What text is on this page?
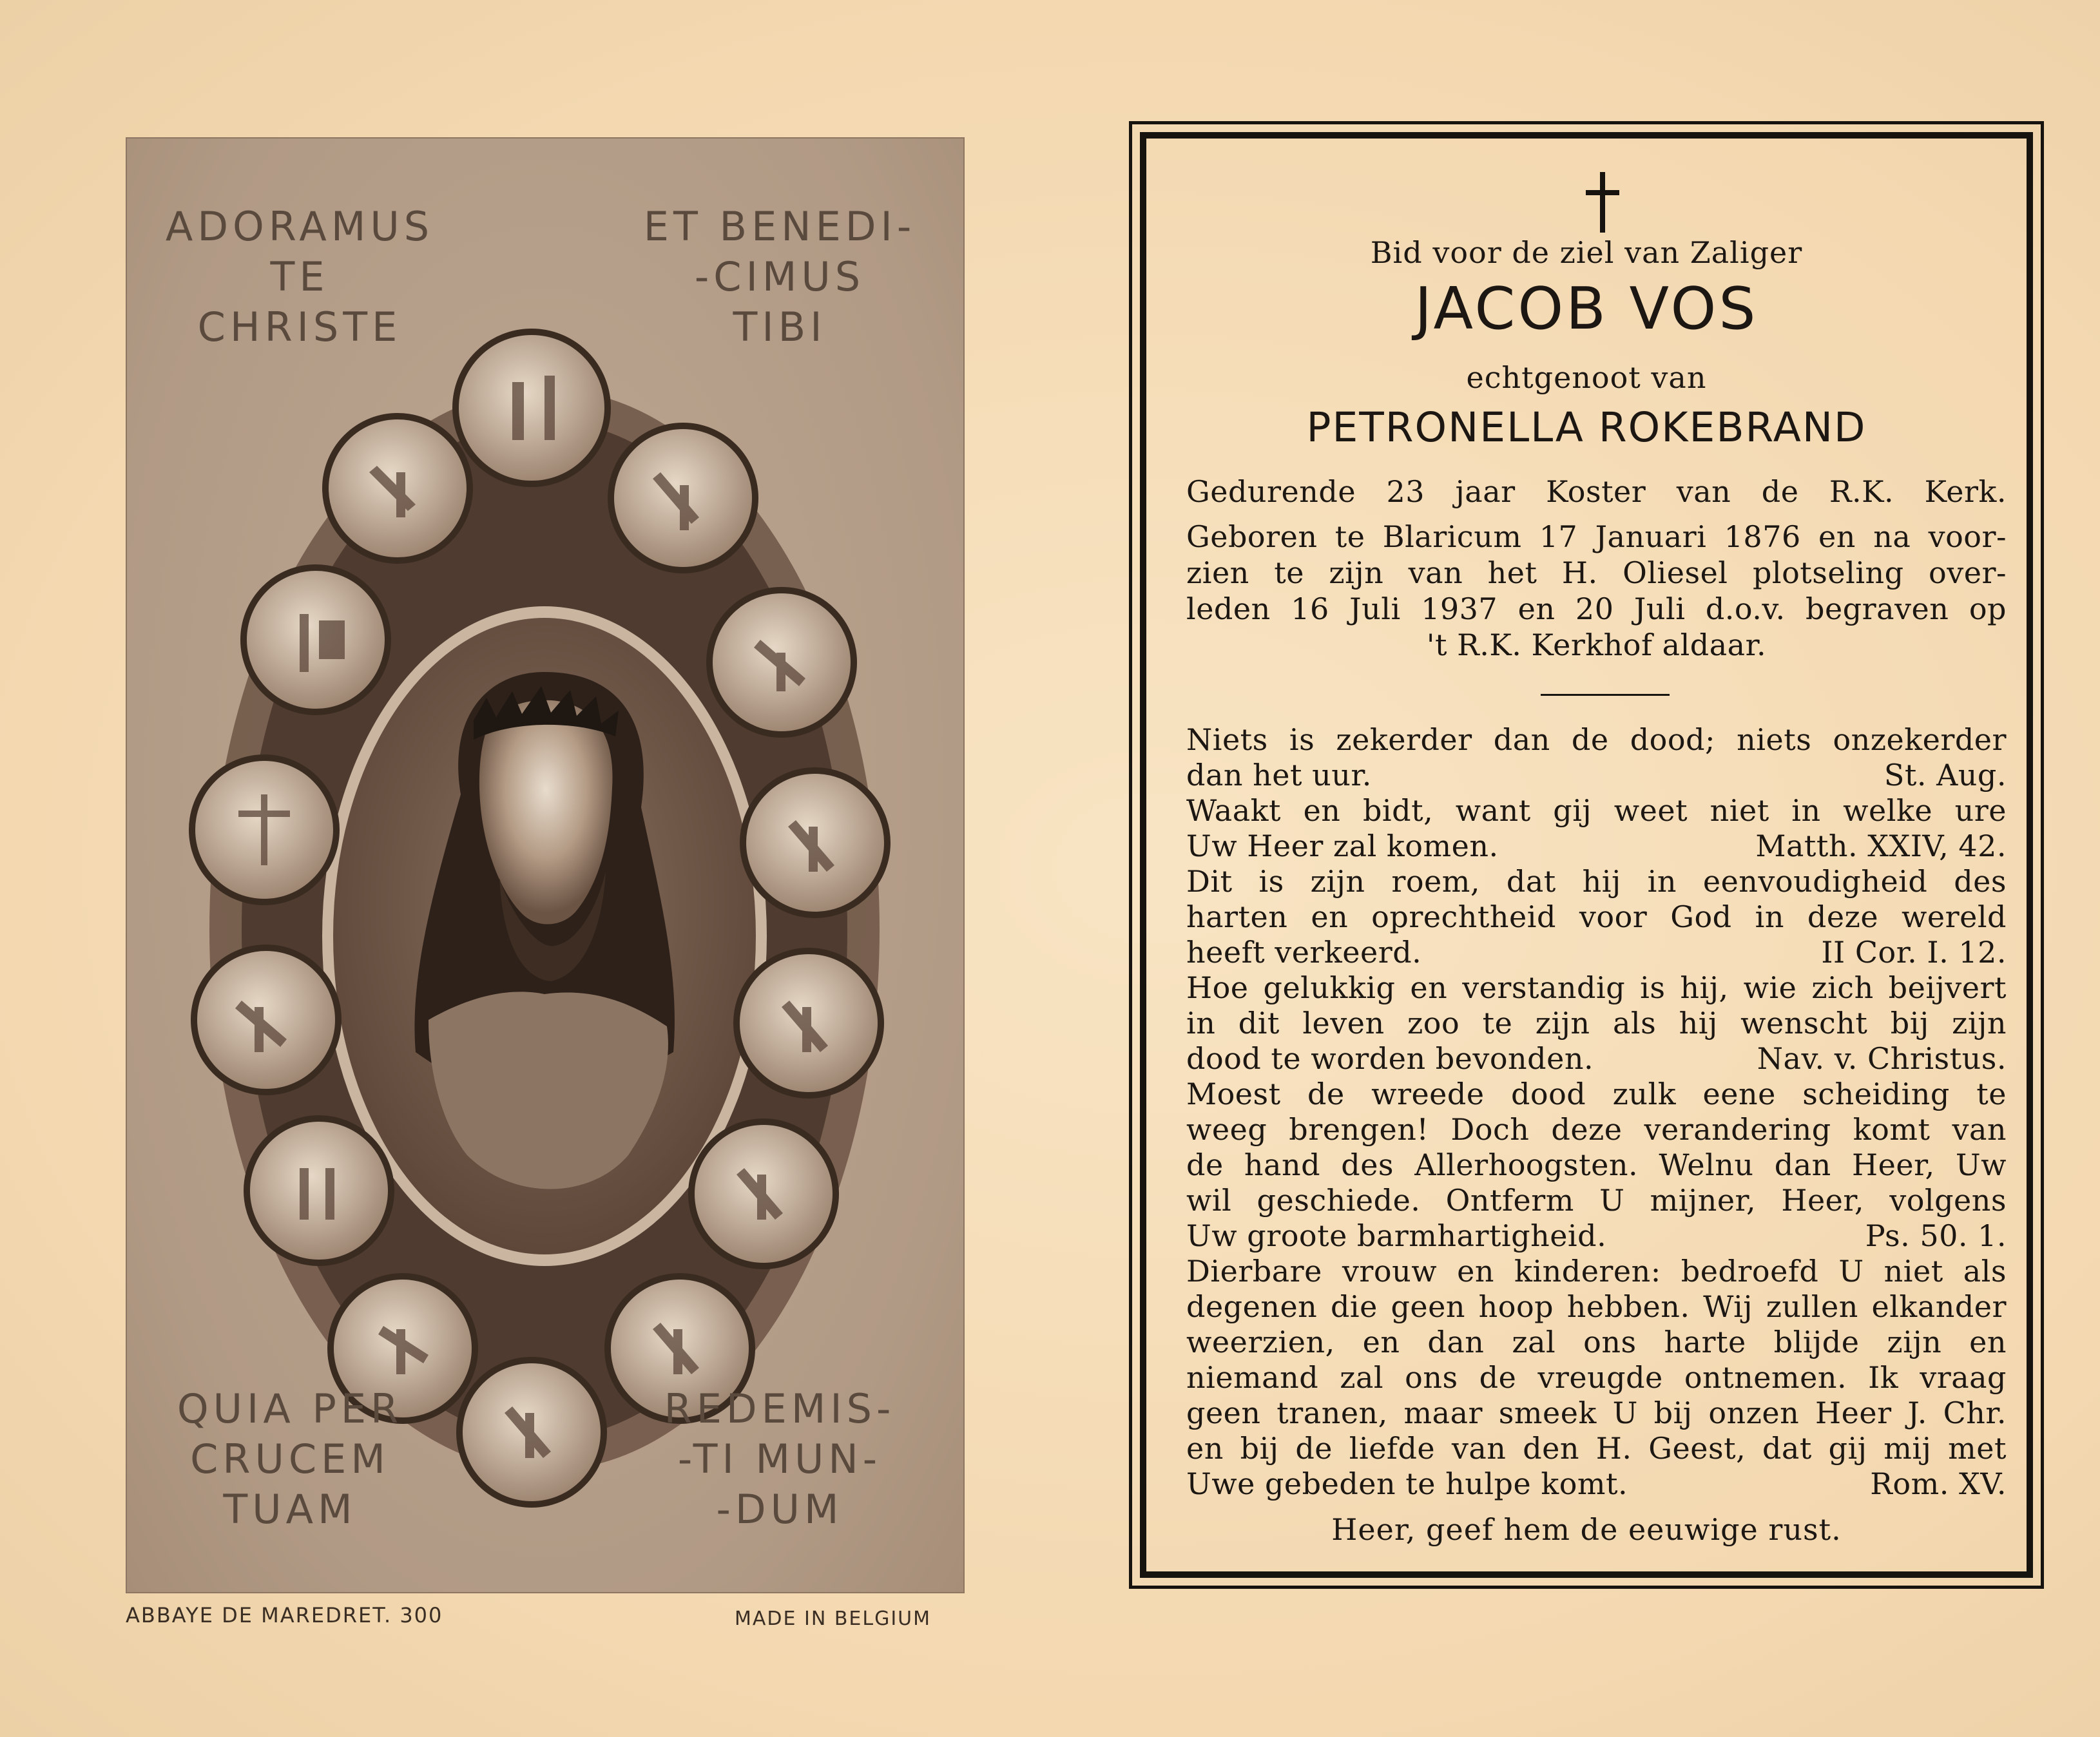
ADORAMUS
TE
CHRISTE
ET BENEDI-
-CIMUS
TIBI
QUIA PER
CRUCEM
TUAM
REDEMIS-
-TI MUN-
-DUM
ABBAYE DE MAREDRET. 300	MADE IN BELGIUM
Bid voor de ziel van Zaliger
JACOB VOS
echtgenoot van
PETRONELLA ROKEBRAND
Gedurende 23 jaar Koster van de R.K. Kerk.
Geboren te Blaricum 17 Januari 1876 en na voor-
zien te zijn van het H. Oliesel plotseling over-
leden 16 Juli 1937 en 20 Juli d.o.v. begraven op
't R.K. Kerkhof aldaar.
Niets is zekerder dan de dood; niets onzekerder
dan het uur.	St. Aug.
Waakt en bidt, want gij weet niet in welke ure
Uw Heer zal komen.	Matth. XXIV, 42.
Dit is zijn roem, dat hij in eenvoudigheid des
harten en oprechtheid voor God in deze wereld
heeft verkeerd.	II Cor. I. 12.
Hoe gelukkig en verstandig is hij, wie zich beijvert
in dit leven zoo te zijn als hij wenscht bij zijn
dood te worden bevonden.	Nav. v. Christus.
Moest de wreede dood zulk eene scheiding te
weeg brengen! Doch deze verandering komt van
de hand des Allerhoogsten. Welnu dan Heer, Uw
wil geschiede. Ontferm U mijner, Heer, volgens
Uw groote barmhartigheid.	Ps. 50. 1.
Dierbare vrouw en kinderen: bedroefd U niet als
degenen die geen hoop hebben. Wij zullen elkander
weerzien, en dan zal ons harte blijde zijn en
niemand zal ons de vreugde ontnemen. Ik vraag
geen tranen, maar smeek U bij onzen Heer J. Chr.
en bij de liefde van den H. Geest, dat gij mij met
Uwe gebeden te hulpe komt.	Rom. XV.
Heer, geef hem de eeuwige rust.
